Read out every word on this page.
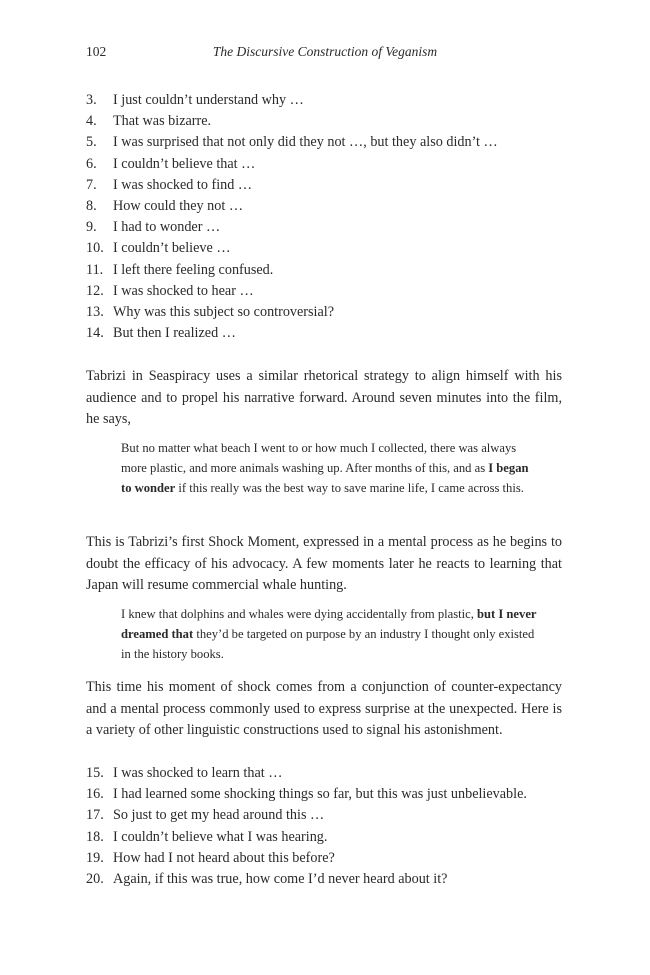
102	The Discursive Construction of Veganism
3.	I just couldn’t understand why …
4.	That was bizarre.
5.	I was surprised that not only did they not …, but they also didn’t …
6.	I couldn’t believe that …
7.	I was shocked to find …
8.	How could they not …
9.	I had to wonder …
10. I couldn’t believe …
11. I left there feeling confused.
12. I was shocked to hear …
13. Why was this subject so controversial?
14. But then I realized …

Tabrizi in Seaspiracy uses a similar rhetorical strategy to align himself with his audience and to propel his narrative forward. Around seven minutes into the film, he says,

But no matter what beach I went to or how much I collected, there was always more plastic, and more animals washing up. After months of this, and as I began to wonder if this really was the best way to save marine life, I came across this.

This is Tabrizi’s first Shock Moment, expressed in a mental process as he begins to doubt the efficacy of his advocacy. A few moments later he reacts to learning that Japan will resume commercial whale hunting.

I knew that dolphins and whales were dying accidentally from plastic, but I never dreamed that they’d be targeted on purpose by an industry I thought only existed in the history books.

This time his moment of shock comes from a conjunction of counter-expectancy and a mental process commonly used to express surprise at the unexpected. Here is a variety of other linguistic constructions used to signal his astonishment.

15. I was shocked to learn that …
16. I had learned some shocking things so far, but this was just unbelievable.
17. So just to get my head around this …
18. I couldn’t believe what I was hearing.
19. How had I not heard about this before?
20. Again, if this was true, how come I’d never heard about it?
